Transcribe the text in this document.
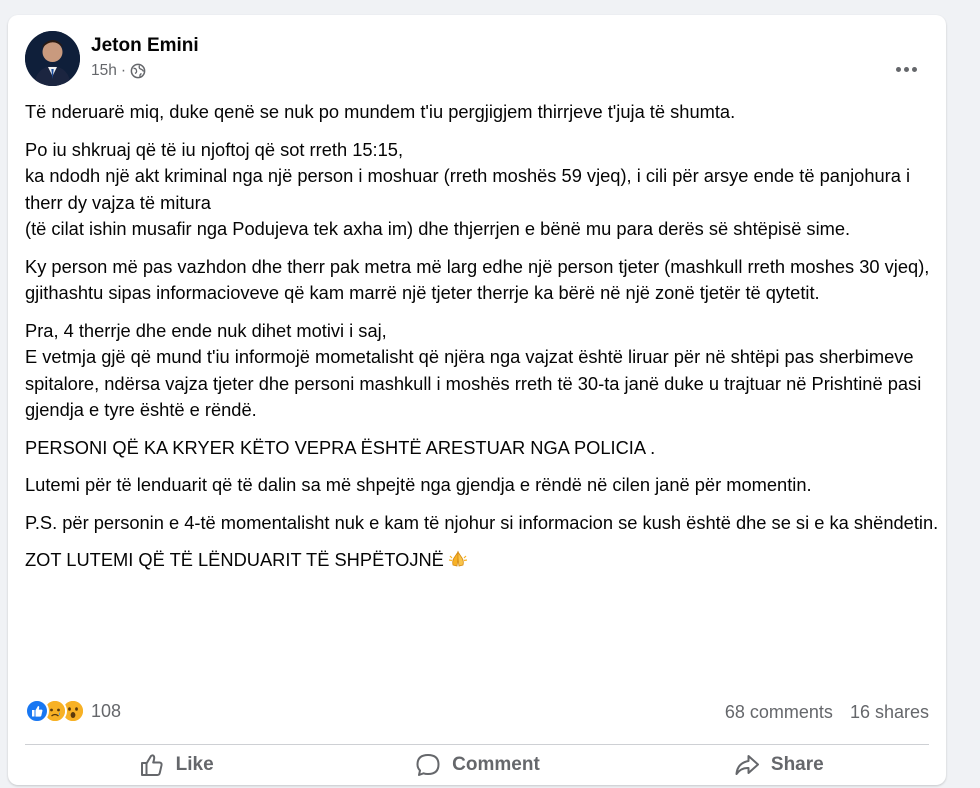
Jeton Emini
15h ·

Të nderuarë miq, duke qenë se nuk po mundem t'iu pergjigjem thirrjeve t'juja të shumta.

Po iu shkruaj që të iu njoftoj që sot rreth 15:15,
ka ndodh një akt kriminal nga një person i moshuar (rreth moshës 59 vjeq), i cili për arsye ende të panjohura i therr dy vajza të mitura
(të cilat ishin musafir nga Podujeva tek axha im) dhe thjerrjen e bënë mu para derës së shtëpisë sime.

Ky person më pas vazhdon dhe therr pak metra më larg edhe një person tjeter (mashkull rreth moshes 30 vjeq), gjithashtu sipas informacioveve që kam marrë një tjeter therrje ka bërë në një zonë tjetër të qytetit.

Pra, 4 therrje dhe ende nuk dihet motivi i saj,
E vetmja gjë që mund t'iu informojë mometalisht që njëra nga vajzat është liruar për në shtëpi pas sherbimeve spitalore, ndërsa vajza tjeter dhe personi mashkull i moshës rreth të 30-ta janë duke u trajtuar në Prishtinë pasi gjendja e tyre është e rëndë.

PERSONI QË KA KRYER KËTO VEPRA ËSHTË ARESTUAR NGA POLICIA .

Lutemi për të lenduarit që të dalin sa më shpejtë nga gjendja e rëndë në cilen janë për momentin.

P.S. për personin e 4-të momentalisht nuk e kam të njohur si informacion se kush është dhe se si e ka shëndetin.

ZOT LUTEMI QË TË LËNDUARIT TË SHPËTOJNË

108	68 comments 16 shares
Like	Comment	Share
